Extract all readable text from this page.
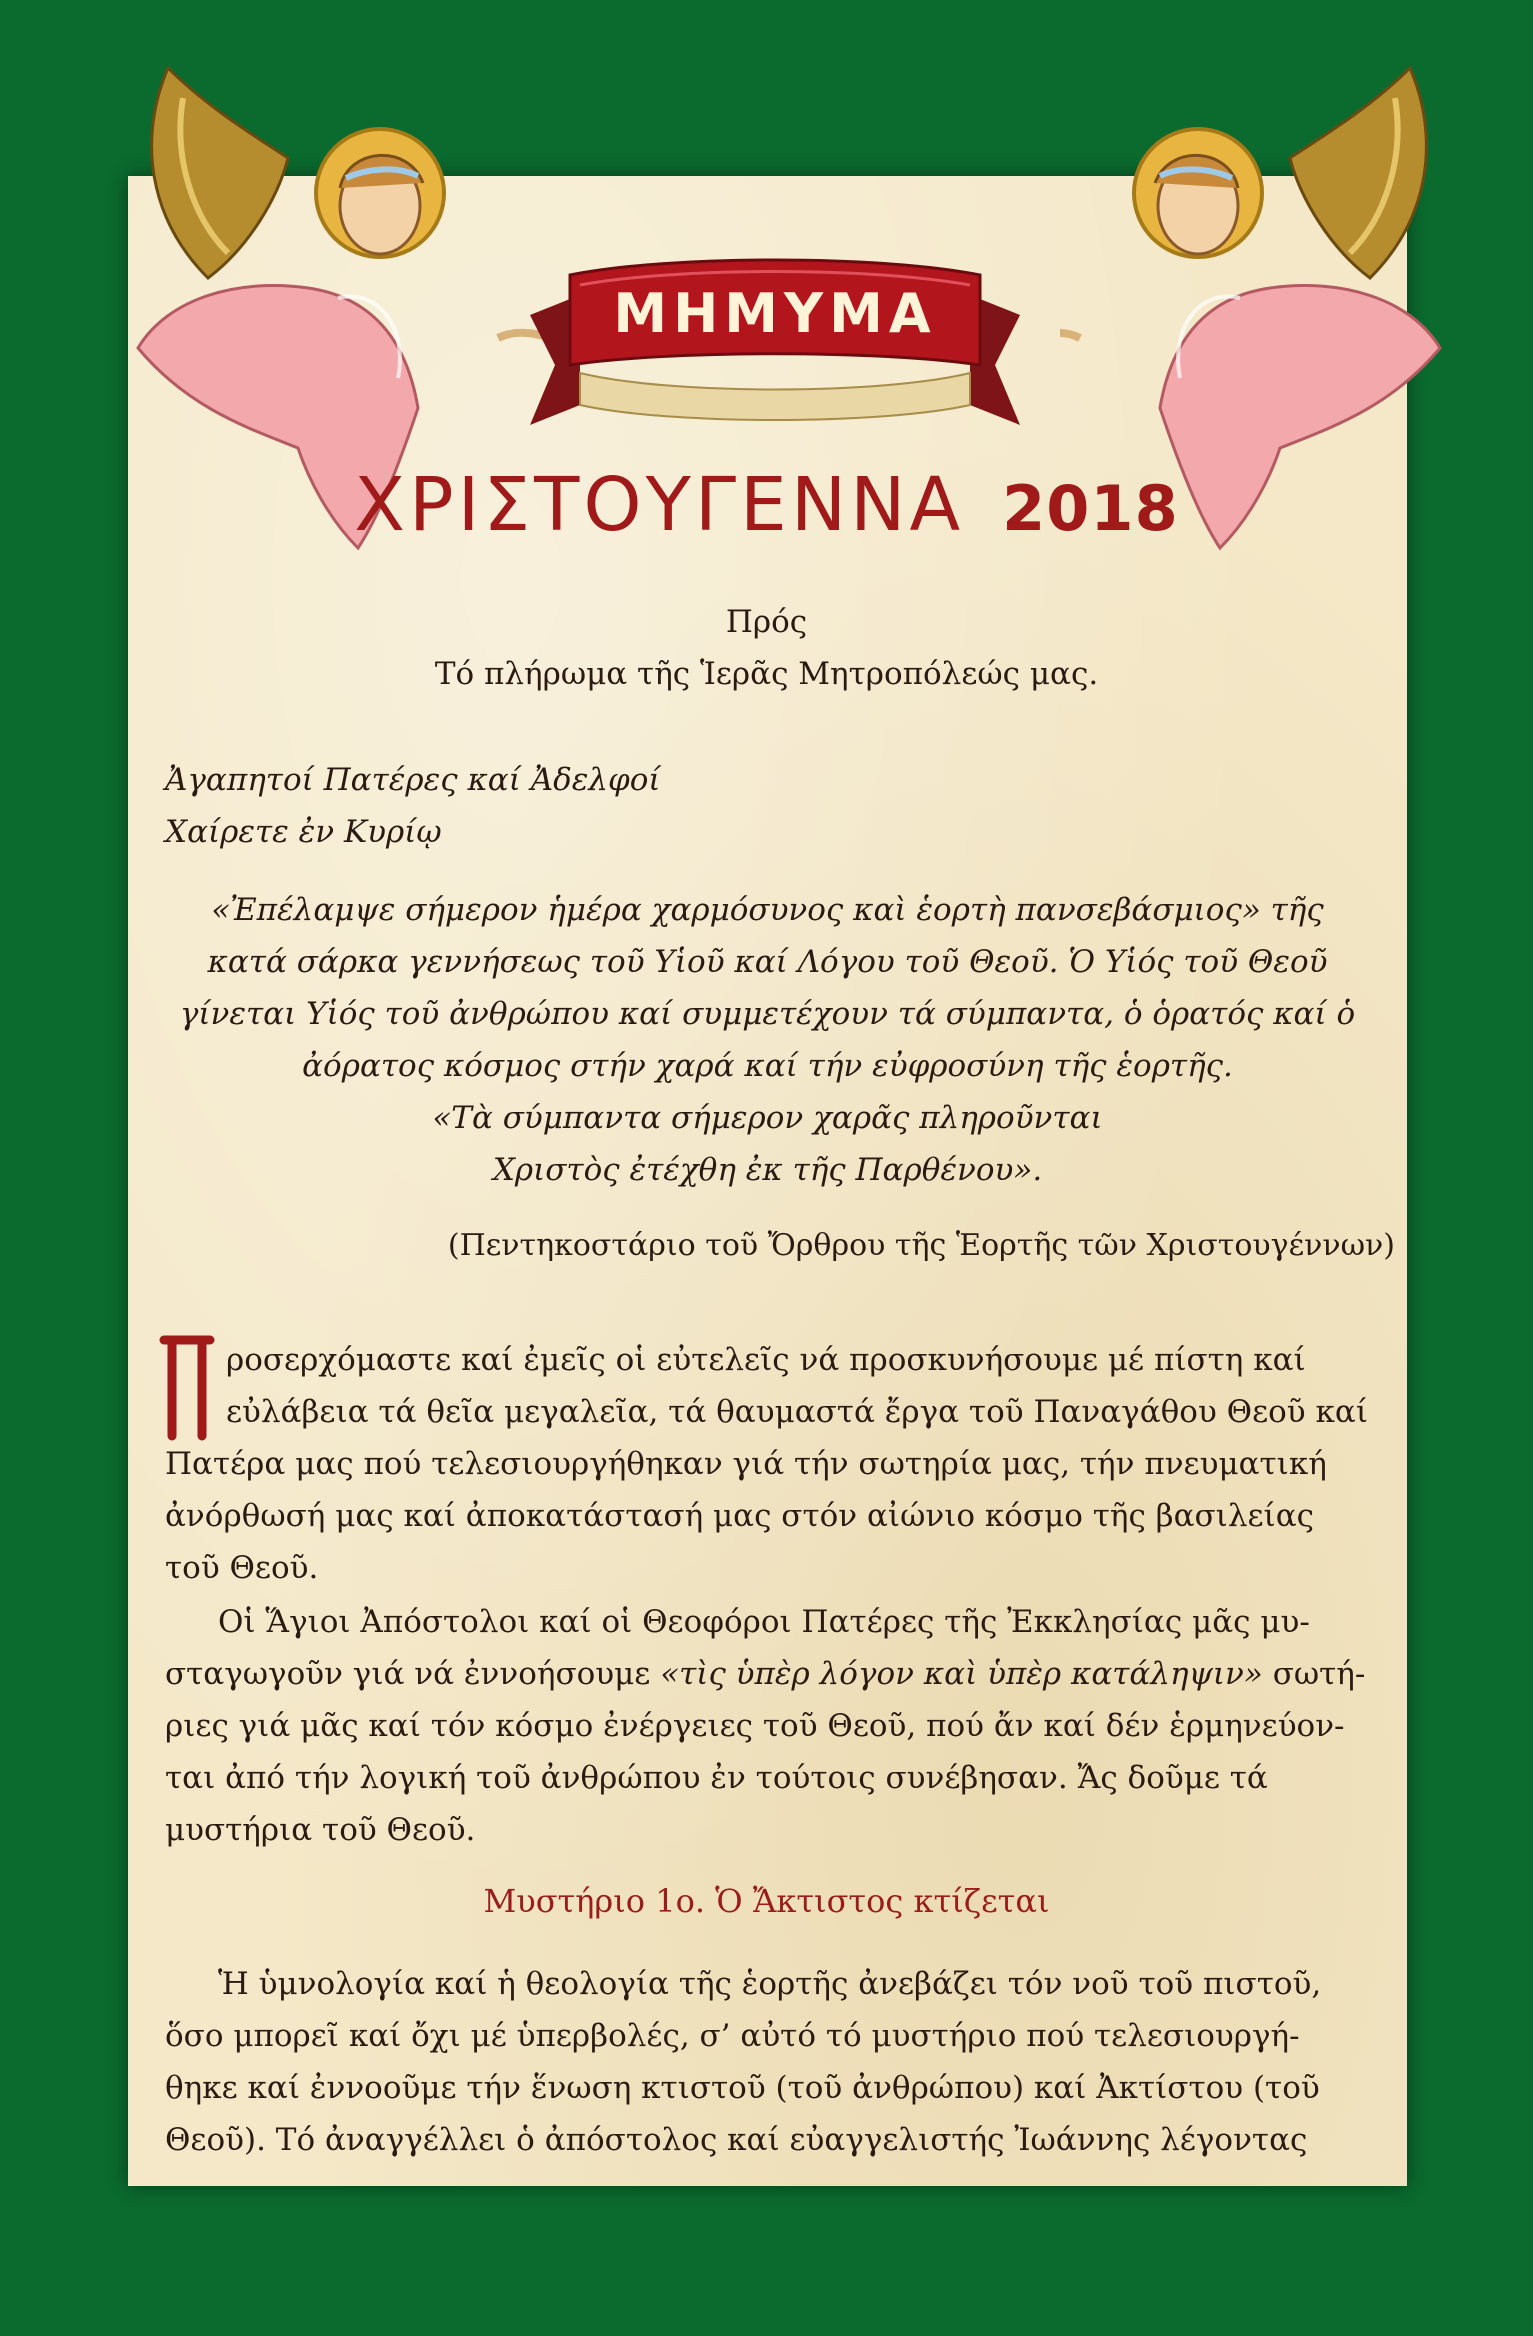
ΜΗΜΥΜΑ
ΧΡΙΣΤΟΥΓΕΝΝΑ 2018
Πρός
Τό πλήρωμα τῆς Ἱερᾶς Μητροπόλεώς μας.
Ἀγαπητοί Πατέρες καί Ἀδελφοί
Χαίρετε ἐν Κυρίῳ
«Ἐπέλαμψε σήμερον ἡμέρα χαρμόσυνος καὶ ἑορτὴ πανσεβάσμιος» τῆς
κατά σάρκα γεννήσεως τοῦ Υἱοῦ καί Λόγου τοῦ Θεοῦ. Ὁ Υἱός τοῦ Θεοῦ
γίνεται Υἱός τοῦ ἀνθρώπου καί συμμετέχουν τά σύμπαντα, ὁ ὁρατός καί ὁ
ἀόρατος κόσμος στήν χαρά καί τήν εὐφροσύνη τῆς ἑορτῆς.
«Τὰ σύμπαντα σήμερον χαρᾶς πληροῦνται
Χριστὸς ἐτέχθη ἐκ τῆς Παρθένου».
(Πεντηκοστάριο τοῦ Ὄρθρου τῆς Ἑορτῆς τῶν Χριστουγέννων)
ροσερχόμαστε καί ἐμεῖς οἱ εὐτελεῖς νά προσκυνήσουμε μέ πίστη καί
εὐλάβεια τά θεῖα μεγαλεῖα, τά θαυμαστά ἔργα τοῦ Παναγάθου Θεοῦ καί
Πατέρα μας πού τελεσιουργήθηκαν γιά τήν σωτηρία μας, τήν πνευματική
ἀνόρθωσή μας καί ἀποκατάστασή μας στόν αἰώνιο κόσμο τῆς βασιλείας
τοῦ Θεοῦ.
Οἱ Ἅγιοι Ἀπόστολοι καί οἱ Θεοφόροι Πατέρες τῆς Ἐκκλησίας μᾶς μυ-
σταγωγοῦν γιά νά ἐννοήσουμε «τὶς ὑπὲρ λόγον καὶ ὑπὲρ κατάληψιν» σωτή-
ριες γιά μᾶς καί τόν κόσμο ἐνέργειες τοῦ Θεοῦ, πού ἄν καί δέν ἑρμηνεύον-
ται ἀπό τήν λογική τοῦ ἀνθρώπου ἐν τούτοις συνέβησαν. Ἄς δοῦμε τά
μυστήρια τοῦ Θεοῦ.
Μυστήριο 1ο. Ὁ Ἄκτιστος κτίζεται
Ἡ ὑμνολογία καί ἡ θεολογία τῆς ἑορτῆς ἀνεβάζει τόν νοῦ τοῦ πιστοῦ,
ὅσο μπορεῖ καί ὄχι μέ ὑπερβολές, σ’ αὐτό τό μυστήριο πού τελεσιουργή-
θηκε καί ἐννοοῦμε τήν ἕνωση κτιστοῦ (τοῦ ἀνθρώπου) καί Ἀκτίστου (τοῦ
Θεοῦ). Τό ἀναγγέλλει ὁ ἀπόστολος καί εὐαγγελιστής Ἰωάννης λέγοντας
